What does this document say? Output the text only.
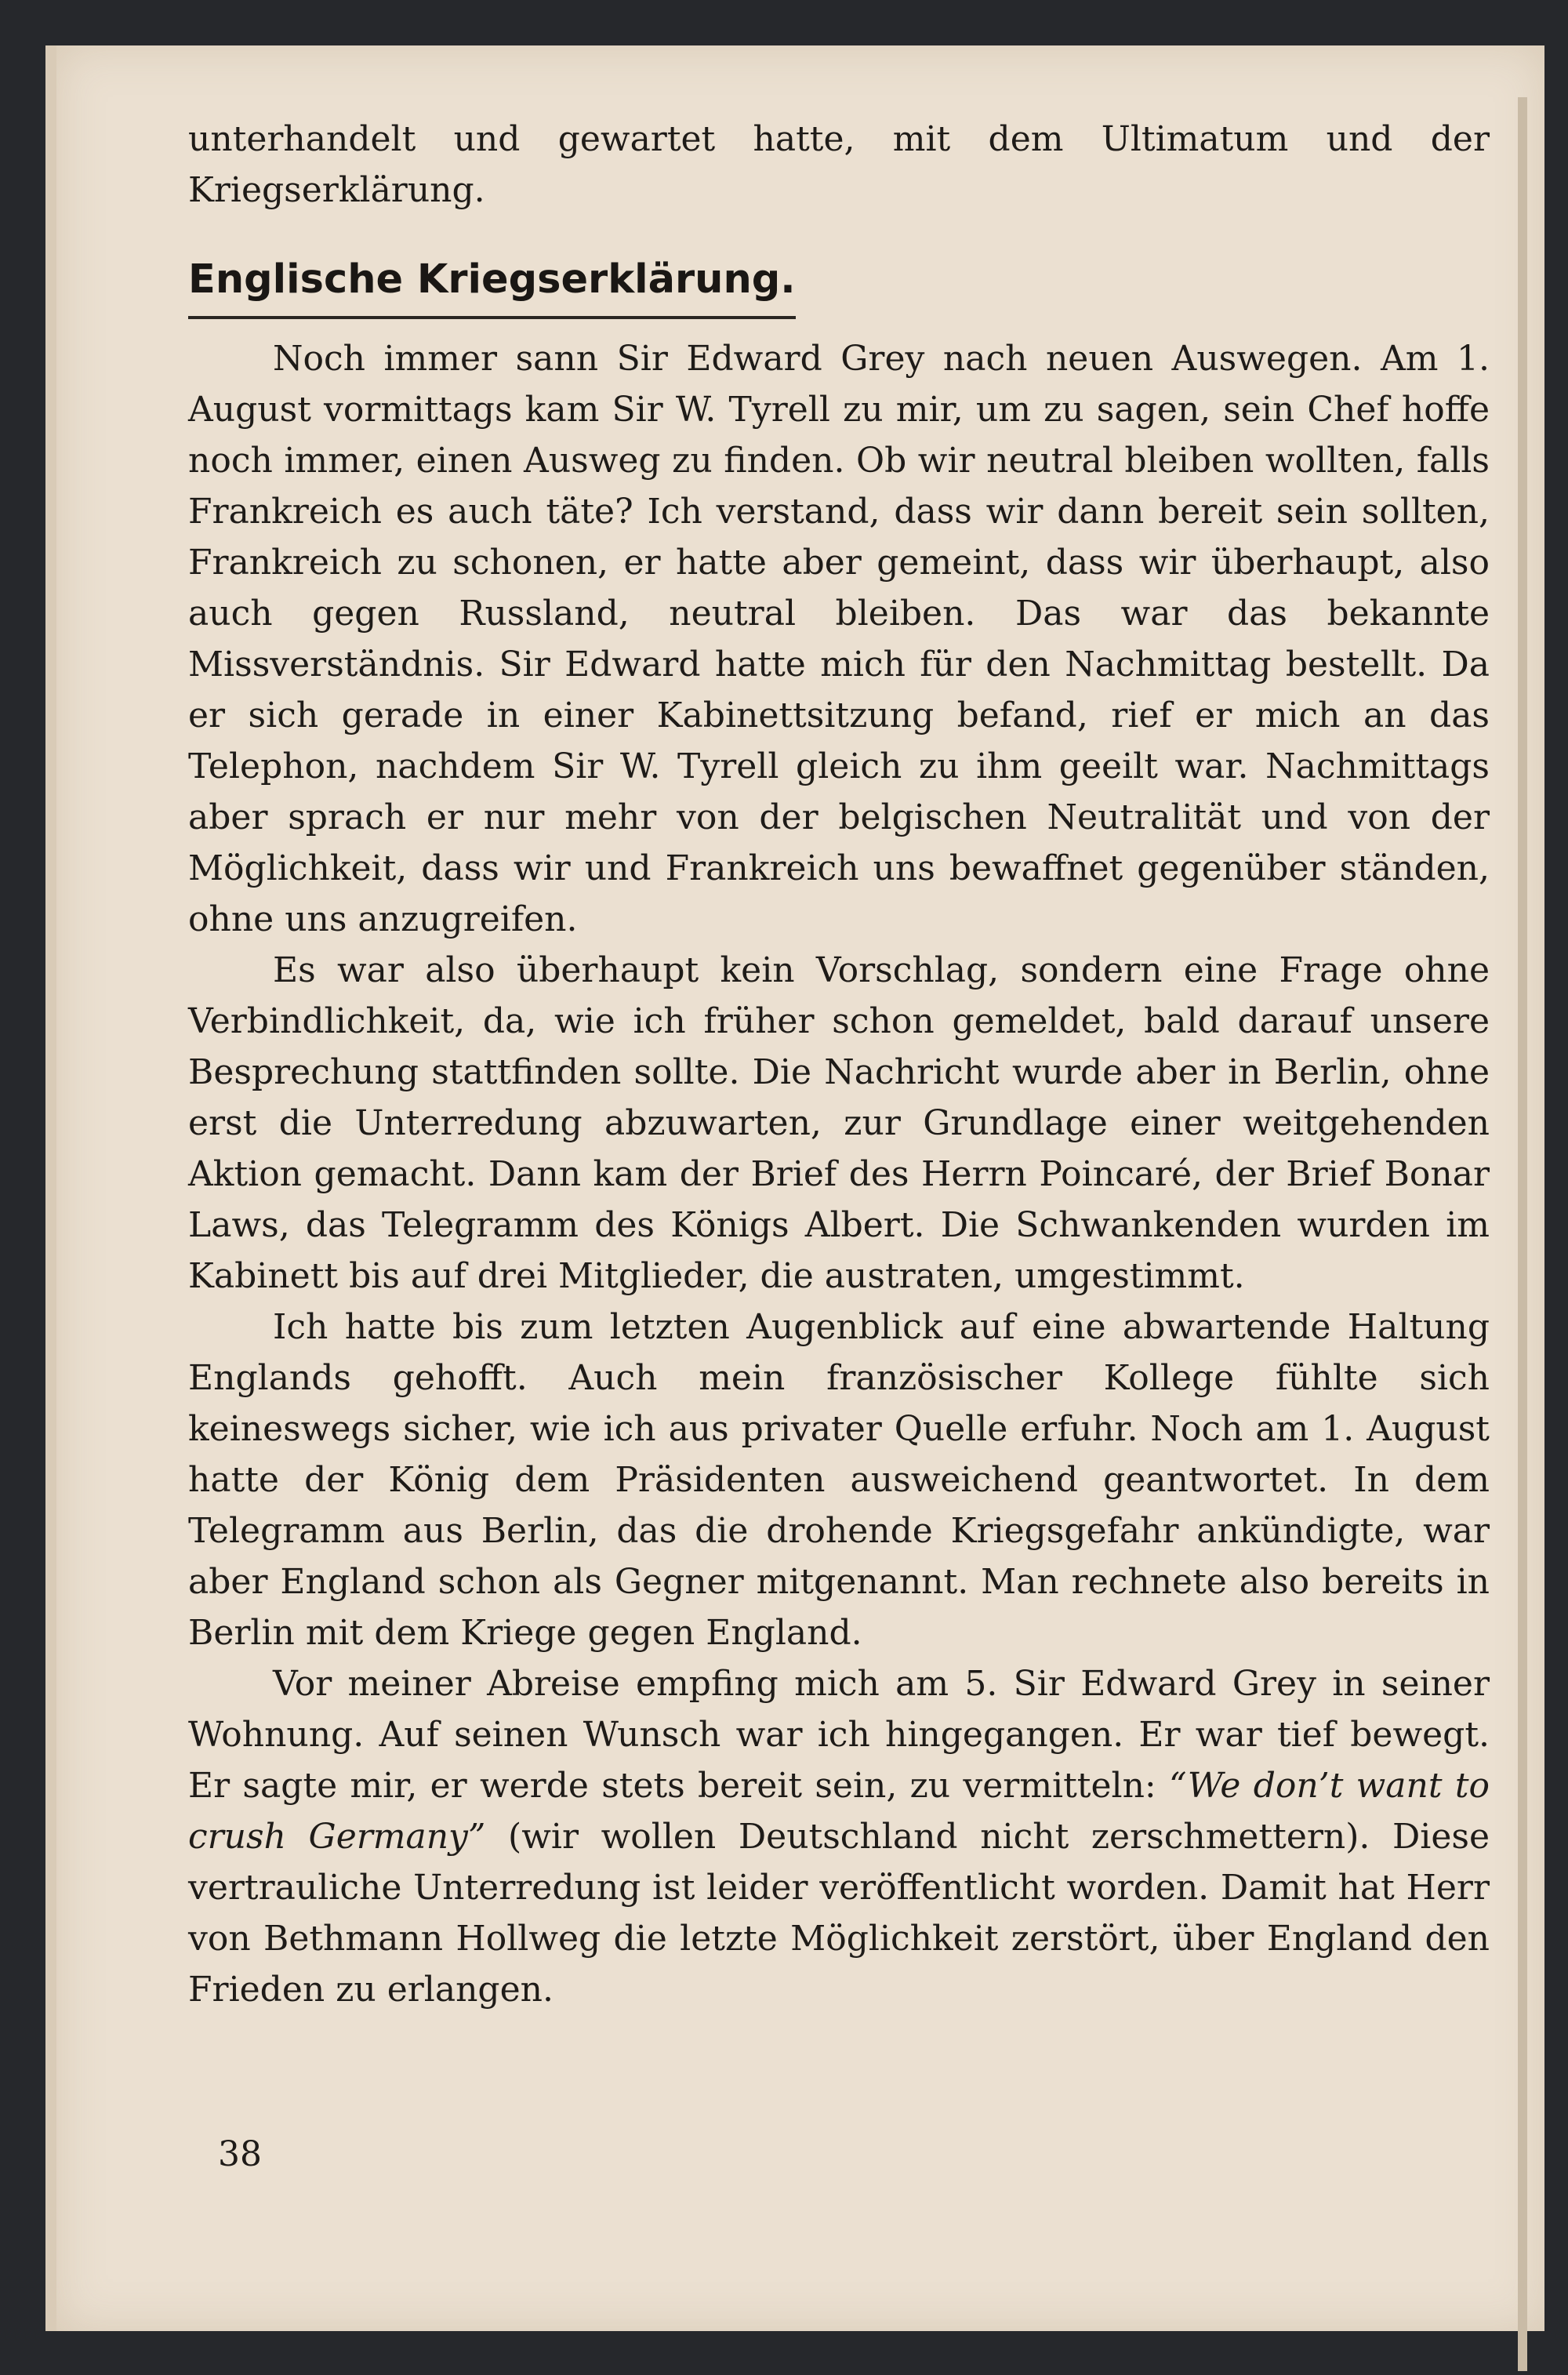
unterhandelt und gewartet hatte, mit dem Ultimatum und der Kriegserklärung.

Englische Kriegserklärung.

Noch immer sann Sir Edward Grey nach neuen Auswegen. Am 1. August vormittags kam Sir W. Tyrell zu mir, um zu sagen, sein Chef hoffe noch immer, einen Ausweg zu finden. Ob wir neutral bleiben wollten, falls Frankreich es auch täte? Ich verstand, dass wir dann bereit sein sollten, Frankreich zu schonen, er hatte aber gemeint, dass wir überhaupt, also auch gegen Russland, neutral bleiben. Das war das bekannte Missverständnis. Sir Edward hatte mich für den Nachmittag bestellt. Da er sich gerade in einer Kabinettsitzung befand, rief er mich an das Telephon, nachdem Sir W. Tyrell gleich zu ihm geeilt war. Nachmittags aber sprach er nur mehr von der belgischen Neutralität und von der Möglichkeit, dass wir und Frankreich uns bewaffnet gegenüber ständen, ohne uns anzugreifen.

Es war also überhaupt kein Vorschlag, sondern eine Frage ohne Verbindlichkeit, da, wie ich früher schon gemeldet, bald darauf unsere Besprechung stattfinden sollte. Die Nachricht wurde aber in Berlin, ohne erst die Unterredung abzuwarten, zur Grundlage einer weitgehenden Aktion gemacht. Dann kam der Brief des Herrn Poincaré, der Brief Bonar Laws, das Telegramm des Königs Albert. Die Schwankenden wurden im Kabinett bis auf drei Mitglieder, die austraten, umgestimmt.

Ich hatte bis zum letzten Augenblick auf eine abwartende Haltung Englands gehofft. Auch mein französischer Kollege fühlte sich keineswegs sicher, wie ich aus privater Quelle erfuhr. Noch am 1. August hatte der König dem Präsidenten ausweichend geantwortet. In dem Telegramm aus Berlin, das die drohende Kriegsgefahr ankündigte, war aber England schon als Gegner mitgenannt. Man rechnete also bereits in Berlin mit dem Kriege gegen England.

Vor meiner Abreise empfing mich am 5. Sir Edward Grey in seiner Wohnung. Auf seinen Wunsch war ich hingegangen. Er war tief bewegt. Er sagte mir, er werde stets bereit sein, zu vermitteln: “We don’t want to crush Germany” (wir wollen Deutschland nicht zerschmettern). Diese vertrauliche Unterredung ist leider veröffentlicht worden. Damit hat Herr von Bethmann Hollweg die letzte Möglichkeit zerstört, über England den Frieden zu erlangen.

38
